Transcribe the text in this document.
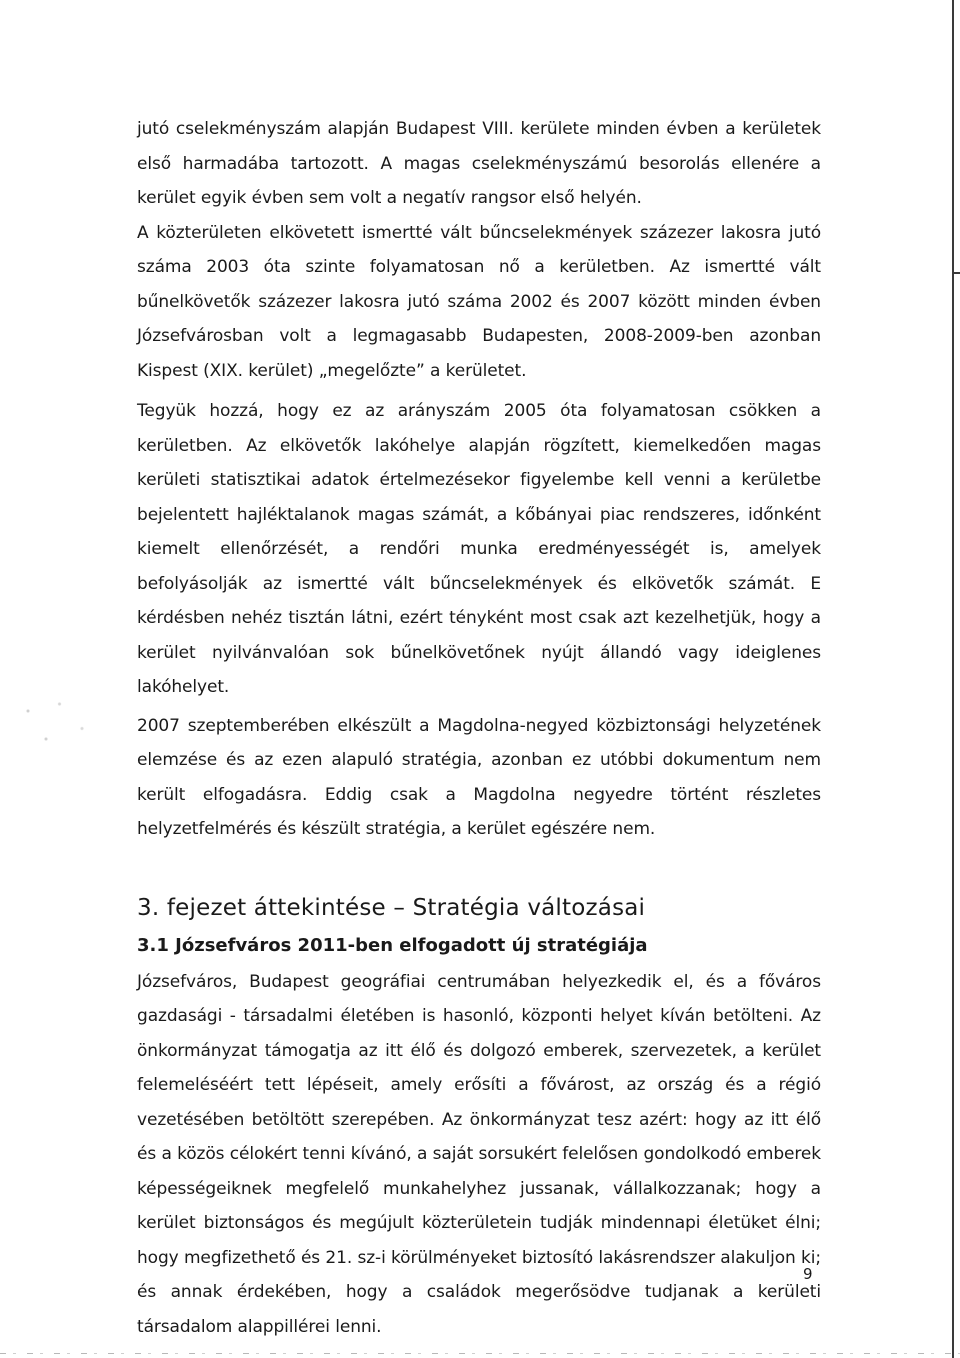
jutó cselekményszám alapján Budapest VIII. kerülete minden évben a kerületek első harmadába tartozott. A magas cselekményszámú besorolás ellenére a kerület egyik évben sem volt a negatív rangsor első helyén.

A közterületen elkövetett ismertté vált bűncselekmények százezer lakosra jutó száma 2003 óta szinte folyamatosan nő a kerületben. Az ismertté vált bűnelkövetők százezer lakosra jutó száma 2002 és 2007 között minden évben Józsefvárosban volt a legmagasabb Budapesten, 2008-2009-ben azonban Kispest (XIX. kerület) „megelőzte” a kerületet.

Tegyük hozzá, hogy ez az arányszám 2005 óta folyamatosan csökken a kerületben. Az elkövetők lakóhelye alapján rögzített, kiemelkedően magas kerületi statisztikai adatok értelmezésekor figyelembe kell venni a kerületbe bejelentett hajléktalanok magas számát, a kőbányai piac rendszeres, időnként kiemelt ellenőrzését, a rendőri munka eredményességét is, amelyek befolyásolják az ismertté vált bűncselekmények és elkövetők számát. E kérdésben nehéz tisztán látni, ezért tényként most csak azt kezelhetjük, hogy a kerület nyilvánvalóan sok bűnelkövetőnek nyújt állandó vagy ideiglenes lakóhelyet.

2007 szeptemberében elkészült a Magdolna-negyed közbiztonsági helyzetének elemzése és az ezen alapuló stratégia, azonban ez utóbbi dokumentum nem került elfogadásra. Eddig csak a Magdolna negyedre történt részletes helyzetfelmérés és készült stratégia, a kerület egészére nem.

3. fejezet áttekintése – Stratégia változásai
3.1 Józsefváros 2011-ben elfogadott új stratégiája

Józsefváros, Budapest geográfiai centrumában helyezkedik el, és a főváros gazdasági - társadalmi életében is hasonló, központi helyet kíván betölteni. Az önkormányzat támogatja az itt élő és dolgozó emberek, szervezetek, a kerület felemeléséért tett lépéseit, amely erősíti a fővárost, az ország és a régió vezetésében betöltött szerepében. Az önkormányzat tesz azért: hogy az itt élő és a közös célokért tenni kívánó, a saját sorsukért felelősen gondolkodó emberek képességeiknek megfelelő munkahelyhez jussanak, vállalkozzanak; hogy a kerület biztonságos és megújult közterületein tudják mindennapi életüket élni; hogy megfizethető és 21. sz-i körülményeket biztosító lakásrendszer alakuljon ki; és annak érdekében, hogy a családok megerősödve tudjanak a kerületi társadalom alappillérei lenni.

9
